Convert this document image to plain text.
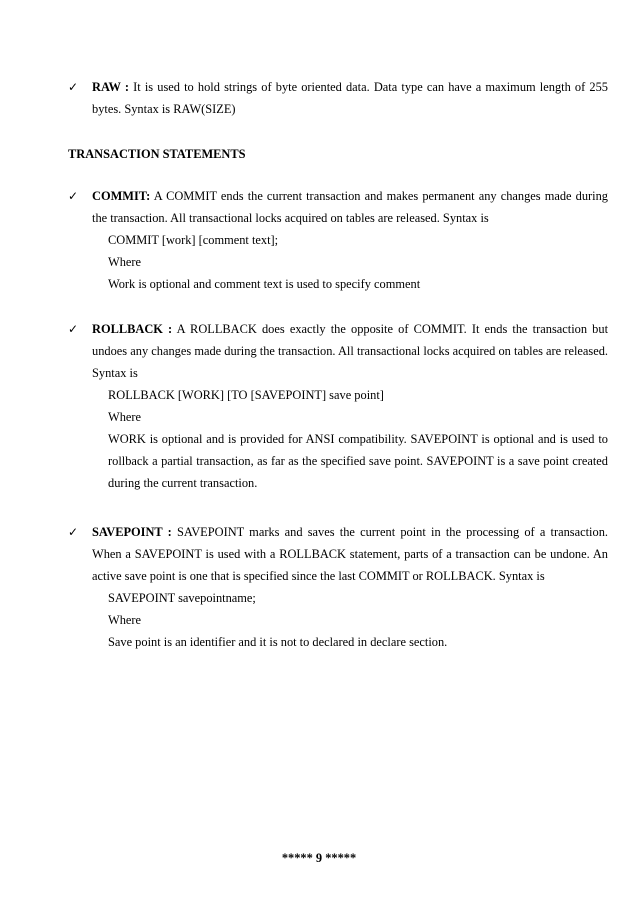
✓ RAW : It is used to hold strings of byte oriented data. Data type can have a maximum length of 255 bytes. Syntax is RAW(SIZE)
TRANSACTION STATEMENTS
✓ COMMIT: A COMMIT ends the current transaction and makes permanent any changes made during the transaction. All transactional locks acquired on tables are released. Syntax is
COMMIT [work] [comment text];
Where
Work is optional and comment text is used to specify comment
✓ ROLLBACK : A ROLLBACK does exactly the opposite of COMMIT. It ends the transaction but undoes any changes made during the transaction. All transactional locks acquired on tables are released. Syntax is
ROLLBACK [WORK] [TO [SAVEPOINT] save point]
Where
WORK is optional and is provided for ANSI compatibility. SAVEPOINT is optional and is used to rollback a partial transaction, as far as the specified save point. SAVEPOINT is a save point created during the current transaction.
✓ SAVEPOINT : SAVEPOINT marks and saves the current point in the processing of a transaction. When a SAVEPOINT is used with a ROLLBACK statement, parts of a transaction can be undone. An active save point is one that is specified since the last COMMIT or ROLLBACK. Syntax is
SAVEPOINT savepointname;
Where
Save point is an identifier and it is not to declared in declare section.
***** 9 *****
